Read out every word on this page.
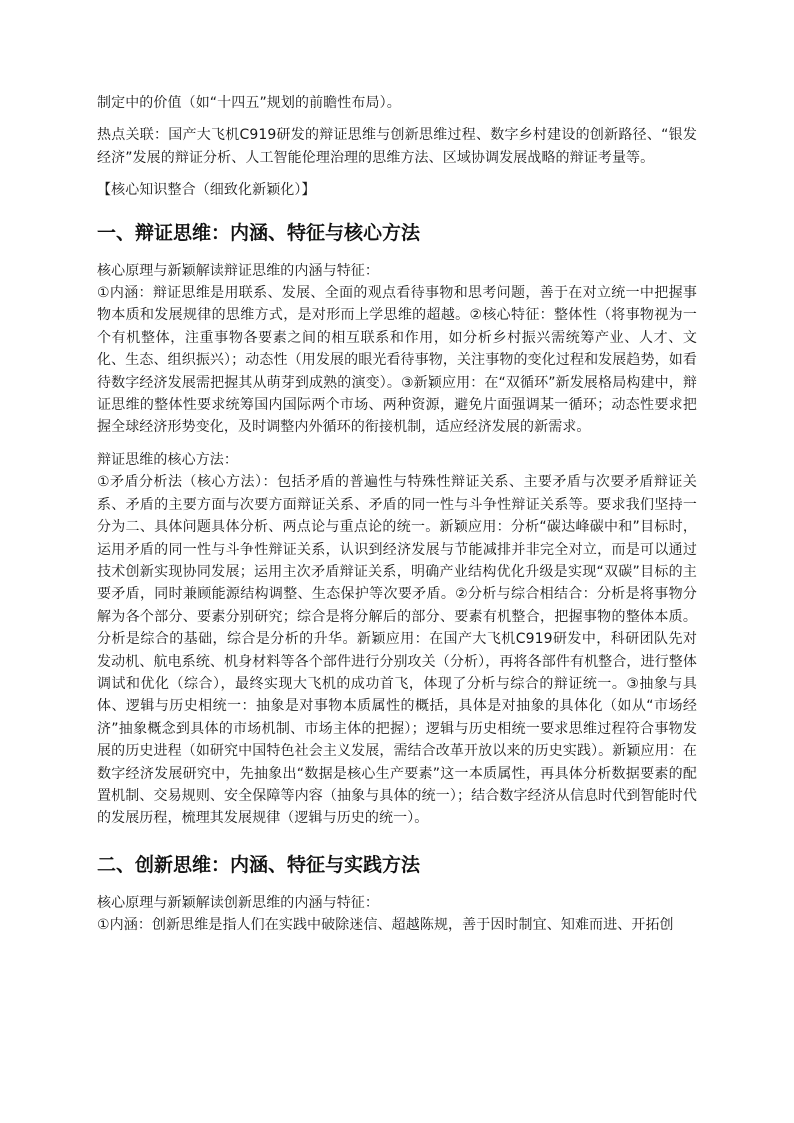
制定中的价值（如“十四五”规划的前瞻性布局）。

热点关联：国产大飞机C919研发的辩证思维与创新思维过程、数字乡村建设的创新路径、“银发经济”发展的辩证分析、人工智能伦理治理的思维方法、区域协调发展战略的辩证考量等。

【核心知识整合（细致化新颖化）】

一、辩证思维：内涵、特征与核心方法

核心原理与新颖解读辩证思维的内涵与特征：

①内涵：辩证思维是用联系、发展、全面的观点看待事物和思考问题，善于在对立统一中把握事物本质和发展规律的思维方式，是对形而上学思维的超越。②核心特征：整体性（将事物视为一个有机整体，注重事物各要素之间的相互联系和作用，如分析乡村振兴需统筹产业、人才、文化、生态、组织振兴）；动态性（用发展的眼光看待事物，关注事物的变化过程和发展趋势，如看待数字经济发展需把握其从萌芽到成熟的演变）。③新颖应用：在“双循环”新发展格局构建中，辩证思维的整体性要求统筹国内国际两个市场、两种资源，避免片面强调某一循环；动态性要求把握全球经济形势变化，及时调整内外循环的衔接机制，适应经济发展的新需求。

辩证思维的核心方法：

①矛盾分析法（核心方法）：包括矛盾的普遍性与特殊性辩证关系、主要矛盾与次要矛盾辩证关系、矛盾的主要方面与次要方面辩证关系、矛盾的同一性与斗争性辩证关系等。要求我们坚持一分为二、具体问题具体分析、两点论与重点论的统一。新颖应用：分析“碳达峰碳中和”目标时，运用矛盾的同一性与斗争性辩证关系，认识到经济发展与节能减排并非完全对立，而是可以通过技术创新实现协同发展；运用主次矛盾辩证关系，明确产业结构优化升级是实现“双碳”目标的主要矛盾，同时兼顾能源结构调整、生态保护等次要矛盾。②分析与综合相结合：分析是将事物分解为各个部分、要素分别研究；综合是将分解后的部分、要素有机整合，把握事物的整体本质。分析是综合的基础，综合是分析的升华。新颖应用：在国产大飞机C919研发中，科研团队先对发动机、航电系统、机身材料等各个部件进行分别攻关（分析），再将各部件有机整合，进行整体调试和优化（综合），最终实现大飞机的成功首飞，体现了分析与综合的辩证统一。③抽象与具体、逻辑与历史相统一：抽象是对事物本质属性的概括，具体是对抽象的具体化（如从“市场经济”抽象概念到具体的市场机制、市场主体的把握）；逻辑与历史相统一要求思维过程符合事物发展的历史进程（如研究中国特色社会主义发展，需结合改革开放以来的历史实践）。新颖应用：在数字经济发展研究中，先抽象出“数据是核心生产要素”这一本质属性，再具体分析数据要素的配置机制、交易规则、安全保障等内容（抽象与具体的统一）；结合数字经济从信息时代到智能时代的发展历程，梳理其发展规律（逻辑与历史的统一）。

二、创新思维：内涵、特征与实践方法

核心原理与新颖解读创新思维的内涵与特征：

①内涵：创新思维是指人们在实践中破除迷信、超越陈规，善于因时制宜、知难而进、开拓创
